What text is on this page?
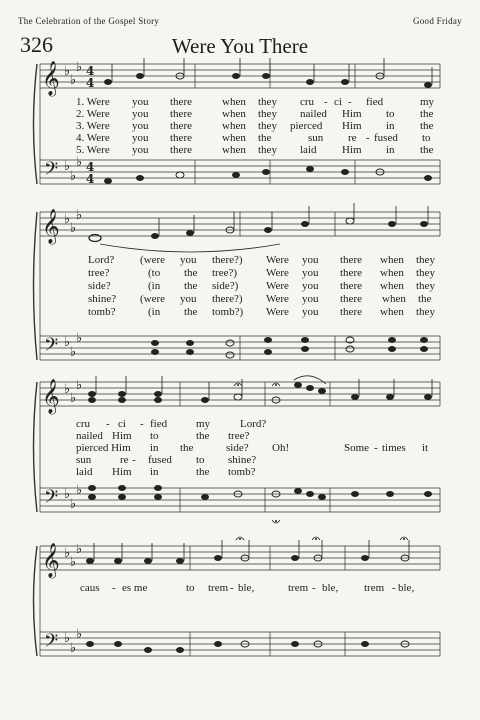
The Celebration of the Gospel Story	Good Friday
326	Were You There
𝄞
𝄢
𝄞
𝄢
𝄞
𝄢
𝄞
𝄢
♭
♭
♭
♭
♭
♭
♭
♭
♭
♭
♭
♭
♭
♭
♭
♭
♭
♭
♭
♭
♭
♭
♭
♭
4
4
4
4
1. Were you there	when they cru - ci - fied	my
2. Were you there	when they nailed Him to the
3. Were you there	when they pierced Him in the
4. Were you there	when the	sun re - fused to
5. Were you there	when they laid Him in the
Lord? (were you there?) Were you there when they
tree?	(to the tree?)	Were you there when they
side?	(in the side?)	Were you there when they
shine? (were you there?) Were you there when the
tomb?	(in the tomb?) Were you there when they
cru - ci - fied	my	Lord?
nailed Him to	the tree?
pierced Him in the	side? Oh!	Some - times it
sun	re - fused to shine?
laid Him in	the tomb?
caus - es me	to trem - ble,	trem - ble, trem - ble,
